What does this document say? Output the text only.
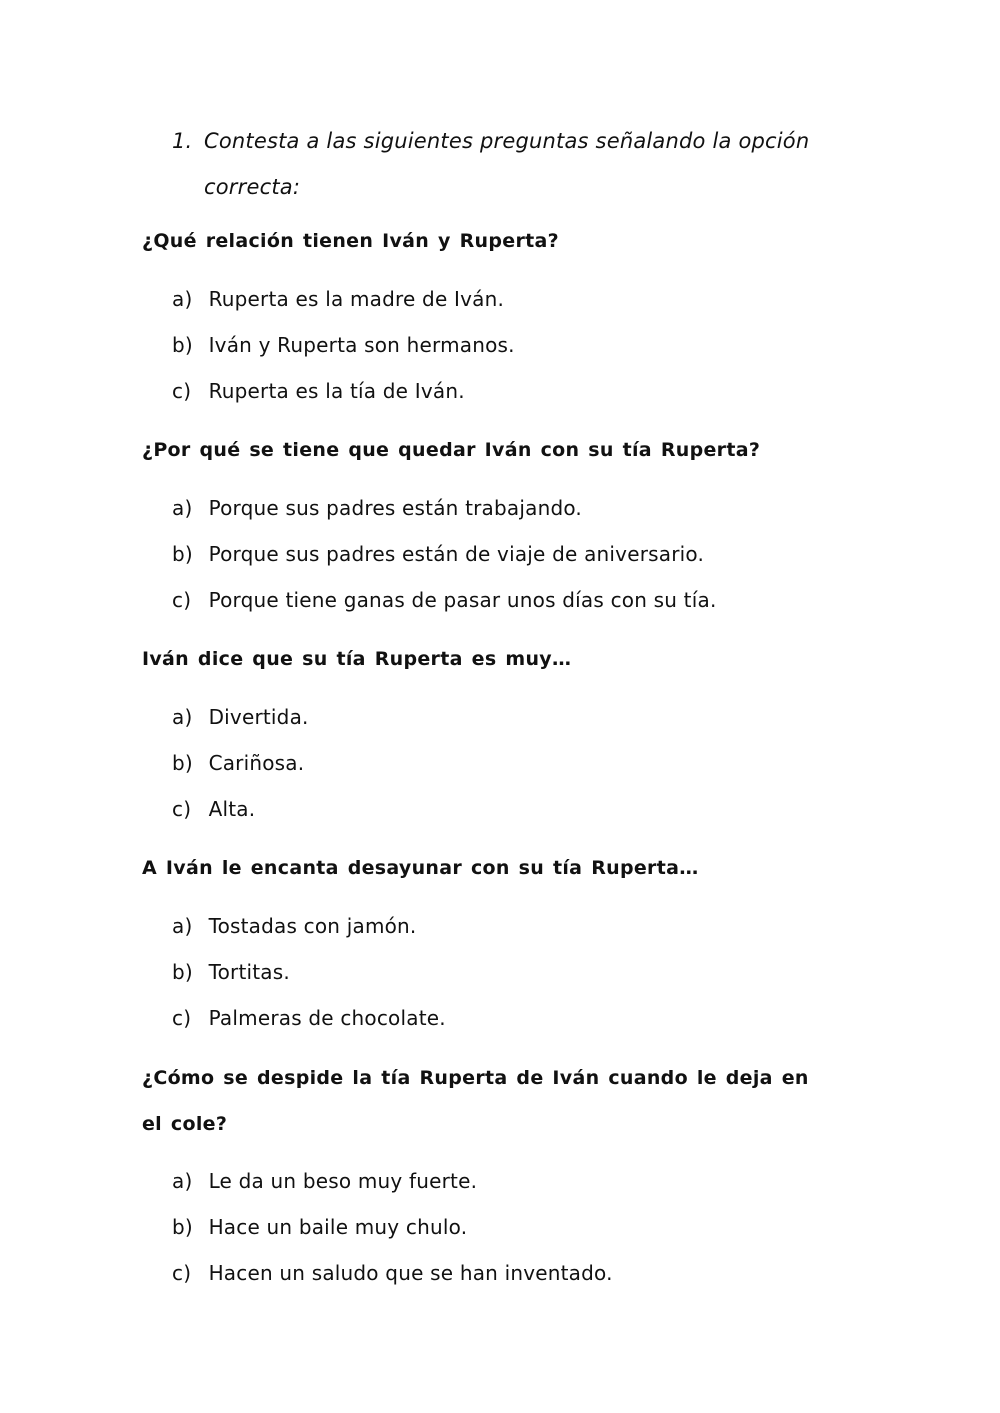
1. Contesta a las siguientes preguntas señalando la opción correcta:
¿Qué relación tienen Iván y Ruperta?
a) Ruperta es la madre de Iván.
b) Iván y Ruperta son hermanos.
c) Ruperta es la tía de Iván.
¿Por qué se tiene que quedar Iván con su tía Ruperta?
a) Porque sus padres están trabajando.
b) Porque sus padres están de viaje de aniversario.
c) Porque tiene ganas de pasar unos días con su tía.
Iván dice que su tía Ruperta es muy…
a) Divertida.
b) Cariñosa.
c) Alta.
A Iván le encanta desayunar con su tía Ruperta…
a) Tostadas con jamón.
b) Tortitas.
c) Palmeras de chocolate.
¿Cómo se despide la tía Ruperta de Iván cuando le deja en el cole?
a) Le da un beso muy fuerte.
b) Hace un baile muy chulo.
c) Hacen un saludo que se han inventado.
